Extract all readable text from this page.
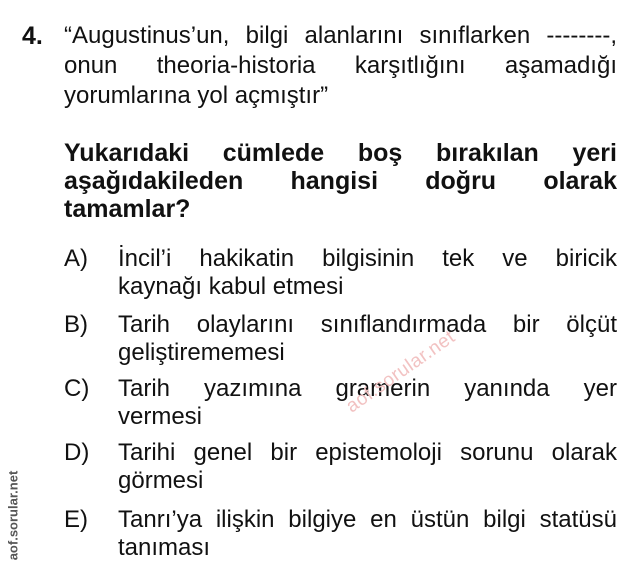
4. “Augustinus’un, bilgi alanlarını sınıflarken --------,
onun theoria-historia karşıtlığını aşamadığı
yorumlarına yol açmıştır”
Yukarıdaki cümlede boş bırakılan yeri
aşağıdakileden hangisi doğru olarak
tamamlar?
A) İncil’i hakikatin bilgisinin tek ve biricik
kaynağı kabul etmesi
B) Tarih olaylarını sınıflandırmada bir ölçüt
geliştirememesi
C) Tarih yazımına gramerin yanında yer
vermesi
D) Tarihi genel bir epistemoloji sorunu olarak
görmesi
E) Tanrı’ya ilişkin bilgiye en üstün bilgi statüsü
tanıması
aof.sorular.net
aof.sorular.net
